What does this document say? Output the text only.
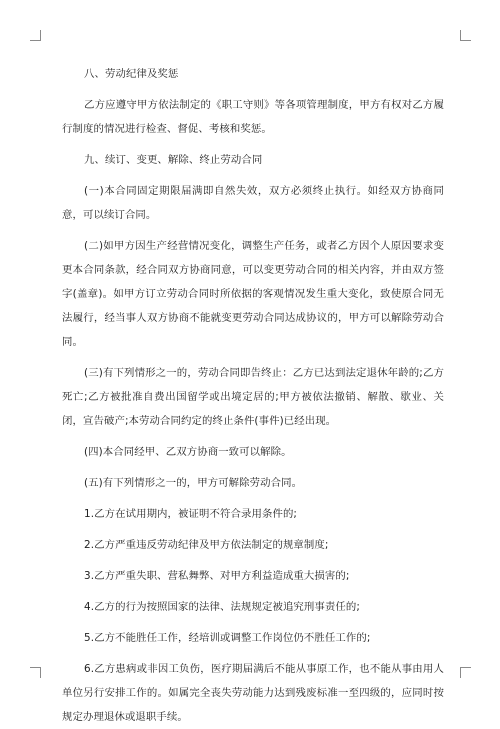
八、劳动纪律及奖惩

乙方应遵守甲方依法制定的《职工守则》等各项管理制度，甲方有权对乙方履行制度的情况进行检查、督促、考核和奖惩。

九、续订、变更、解除、终止劳动合同

(一)本合同固定期限届满即自然失效，双方必须终止执行。如经双方协商同意，可以续订合同。

(二)如甲方因生产经营情况变化，调整生产任务，或者乙方因个人原因要求变更本合同条款，经合同双方协商同意，可以变更劳动合同的相关内容，并由双方签字(盖章)。如甲方订立劳动合同时所依据的客观情况发生重大变化，致使原合同无法履行，经当事人双方协商不能就变更劳动合同达成协议的，甲方可以解除劳动合同。

(三)有下列情形之一的，劳动合同即告终止：乙方已达到法定退休年龄的;乙方死亡;乙方被批准自费出国留学或出境定居的;甲方被依法撤销、解散、歇业、关闭，宣告破产;本劳动合同约定的终止条件(事件)已经出现。

(四)本合同经甲、乙双方协商一致可以解除。

(五)有下列情形之一的，甲方可解除劳动合同。

1.乙方在试用期内，被证明不符合录用条件的;

2.乙方严重违反劳动纪律及甲方依法制定的规章制度;

3.乙方严重失职、营私舞弊、对甲方利益造成重大损害的;

4.乙方的行为按照国家的法律、法规规定被追究刑事责任的;

5.乙方不能胜任工作，经培训或调整工作岗位仍不胜任工作的;

6.乙方患病或非因工负伤，医疗期届满后不能从事原工作，也不能从事由用人单位另行安排工作的。如属完全丧失劳动能力达到残废标准一至四级的，应同时按规定办理退休或退职手续。
